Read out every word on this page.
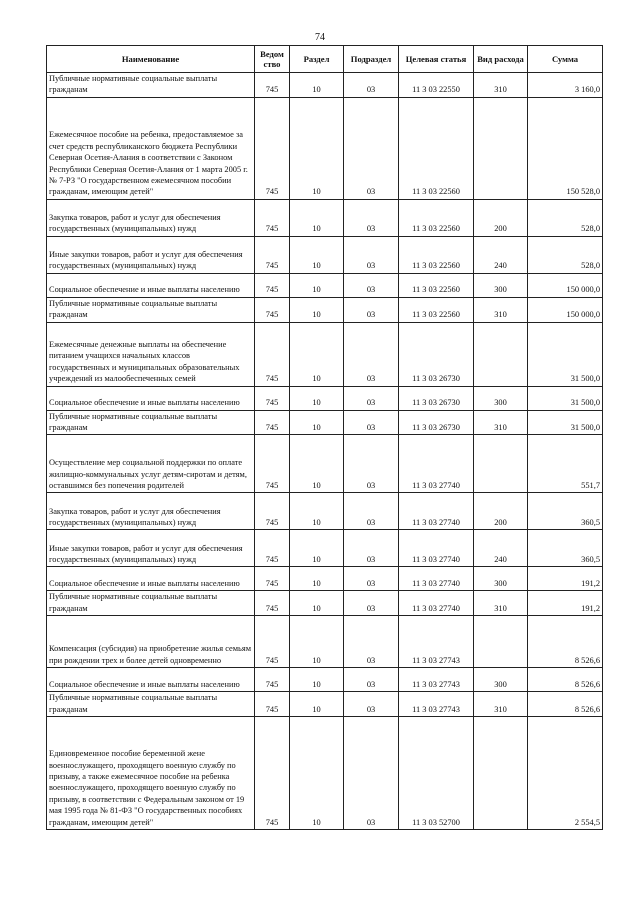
74
Наименование	Ведом ство	Раздел	Подраздел	Целевая статья	Вид расхода	Сумма
Публичные нормативные социальные выплаты гражданам	745	10	03	11 3 03 22550	310	3 160,0
Ежемесячное пособие на ребенка, предоставляемое за счет средств республиканского бюджета Республики Северная Осетия-Алания в соответствии с Законом Республики Северная Осетия-Алания от 1 марта 2005 г. № 7-РЗ "О государственном ежемесячном пособии гражданам, имеющим детей"	745	10	03	11 3 03 22560		150 528,0
Закупка товаров, работ и услуг для обеспечения государственных (муниципальных) нужд	745	10	03	11 3 03 22560	200	528,0
Иные закупки товаров, работ и услуг для обеспечения государственных (муниципальных) нужд	745	10	03	11 3 03 22560	240	528,0
Социальное обеспечение и иные выплаты населению	745	10	03	11 3 03 22560	300	150 000,0
Публичные нормативные социальные выплаты гражданам	745	10	03	11 3 03 22560	310	150 000,0
Ежемесячные денежные выплаты на обеспечение питанием учащихся начальных классов государственных и муниципальных образовательных учреждений из малообеспеченных семей	745	10	03	11 3 03 26730		31 500,0
Социальное обеспечение и иные выплаты населению	745	10	03	11 3 03 26730	300	31 500,0
Публичные нормативные социальные выплаты гражданам	745	10	03	11 3 03 26730	310	31 500,0
Осуществление мер социальной поддержки по оплате жилищно-коммунальных услуг детям-сиротам и детям, оставшимся без попечения родителей	745	10	03	11 3 03 27740		551,7
Закупка товаров, работ и услуг для обеспечения государственных (муниципальных) нужд	745	10	03	11 3 03 27740	200	360,5
Иные закупки товаров, работ и услуг для обеспечения государственных (муниципальных) нужд	745	10	03	11 3 03 27740	240	360,5
Социальное обеспечение и иные выплаты населению	745	10	03	11 3 03 27740	300	191,2
Публичные нормативные социальные выплаты гражданам	745	10	03	11 3 03 27740	310	191,2
Компенсация (субсидия) на приобретение жилья семьям при рождении трех и более детей одновременно	745	10	03	11 3 03 27743		8 526,6
Социальное обеспечение и иные выплаты населению	745	10	03	11 3 03 27743	300	8 526,6
Публичные нормативные социальные выплаты гражданам	745	10	03	11 3 03 27743	310	8 526,6
Единовременное пособие беременной жене военнослужащего, проходящего военную службу по призыву, а также ежемесячное пособие на ребенка военнослужащего, проходящего военную службу по призыву, в соответствии с Федеральным законом от 19 мая 1995 года № 81-ФЗ "О государственных пособиях гражданам, имеющим детей"	745	10	03	11 3 03 52700		2 554,5
